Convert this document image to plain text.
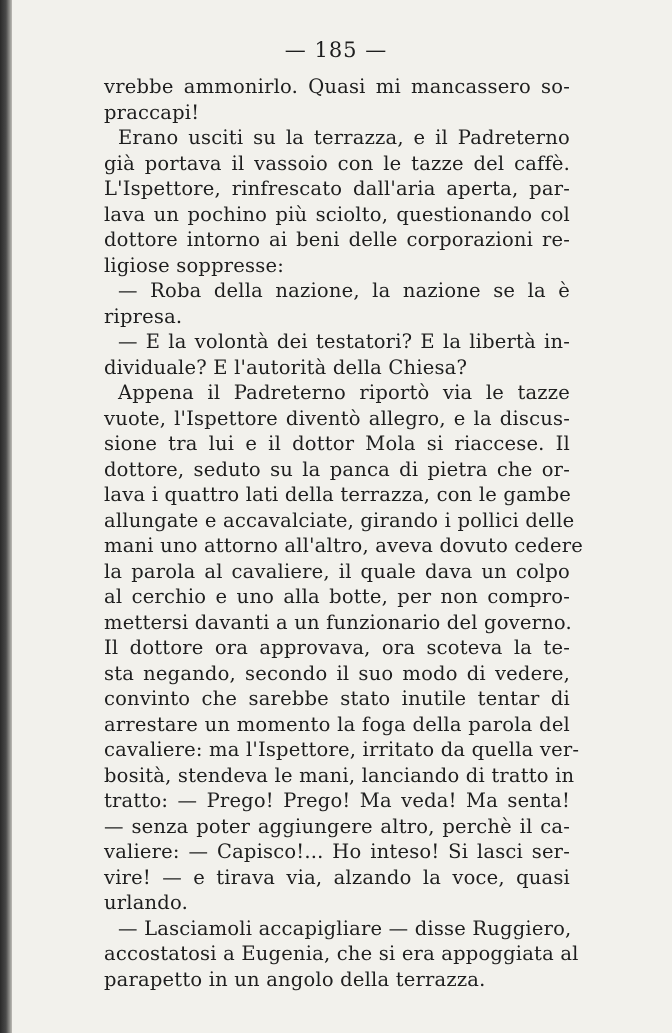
— 185 —
vrebbe ammonirlo. Quasi mi mancassero so-
praccapi!
Erano usciti su la terrazza, e il Padreterno
già portava il vassoio con le tazze del caffè.
L'Ispettore, rinfrescato dall'aria aperta, par-
lava un pochino più sciolto, questionando col
dottore intorno ai beni delle corporazioni re-
ligiose soppresse:
— Roba della nazione, la nazione se la è
ripresa.
— E la volontà dei testatori? E la libertà in-
dividuale? E l'autorità della Chiesa?
Appena il Padreterno riportò via le tazze
vuote, l'Ispettore diventò allegro, e la discus-
sione tra lui e il dottor Mola si riaccese. Il
dottore, seduto su la panca di pietra che or-
lava i quattro lati della terrazza, con le gambe
allungate e accavalciate, girando i pollici delle
mani uno attorno all'altro, aveva dovuto cedere
la parola al cavaliere, il quale dava un colpo
al cerchio e uno alla botte, per non compro-
mettersi davanti a un funzionario del governo.
Il dottore ora approvava, ora scoteva la te-
sta negando, secondo il suo modo di vedere,
convinto che sarebbe stato inutile tentar di
arrestare un momento la foga della parola del
cavaliere: ma l'Ispettore, irritato da quella ver-
bosità, stendeva le mani, lanciando di tratto in
tratto: — Prego! Prego! Ma veda! Ma senta!
— senza poter aggiungere altro, perchè il ca-
valiere: — Capisco!... Ho inteso! Si lasci ser-
vire! — e tirava via, alzando la voce, quasi
urlando.
— Lasciamoli accapigliare — disse Ruggiero,
accostatosi a Eugenia, che si era appoggiata al
parapetto in un angolo della terrazza.
